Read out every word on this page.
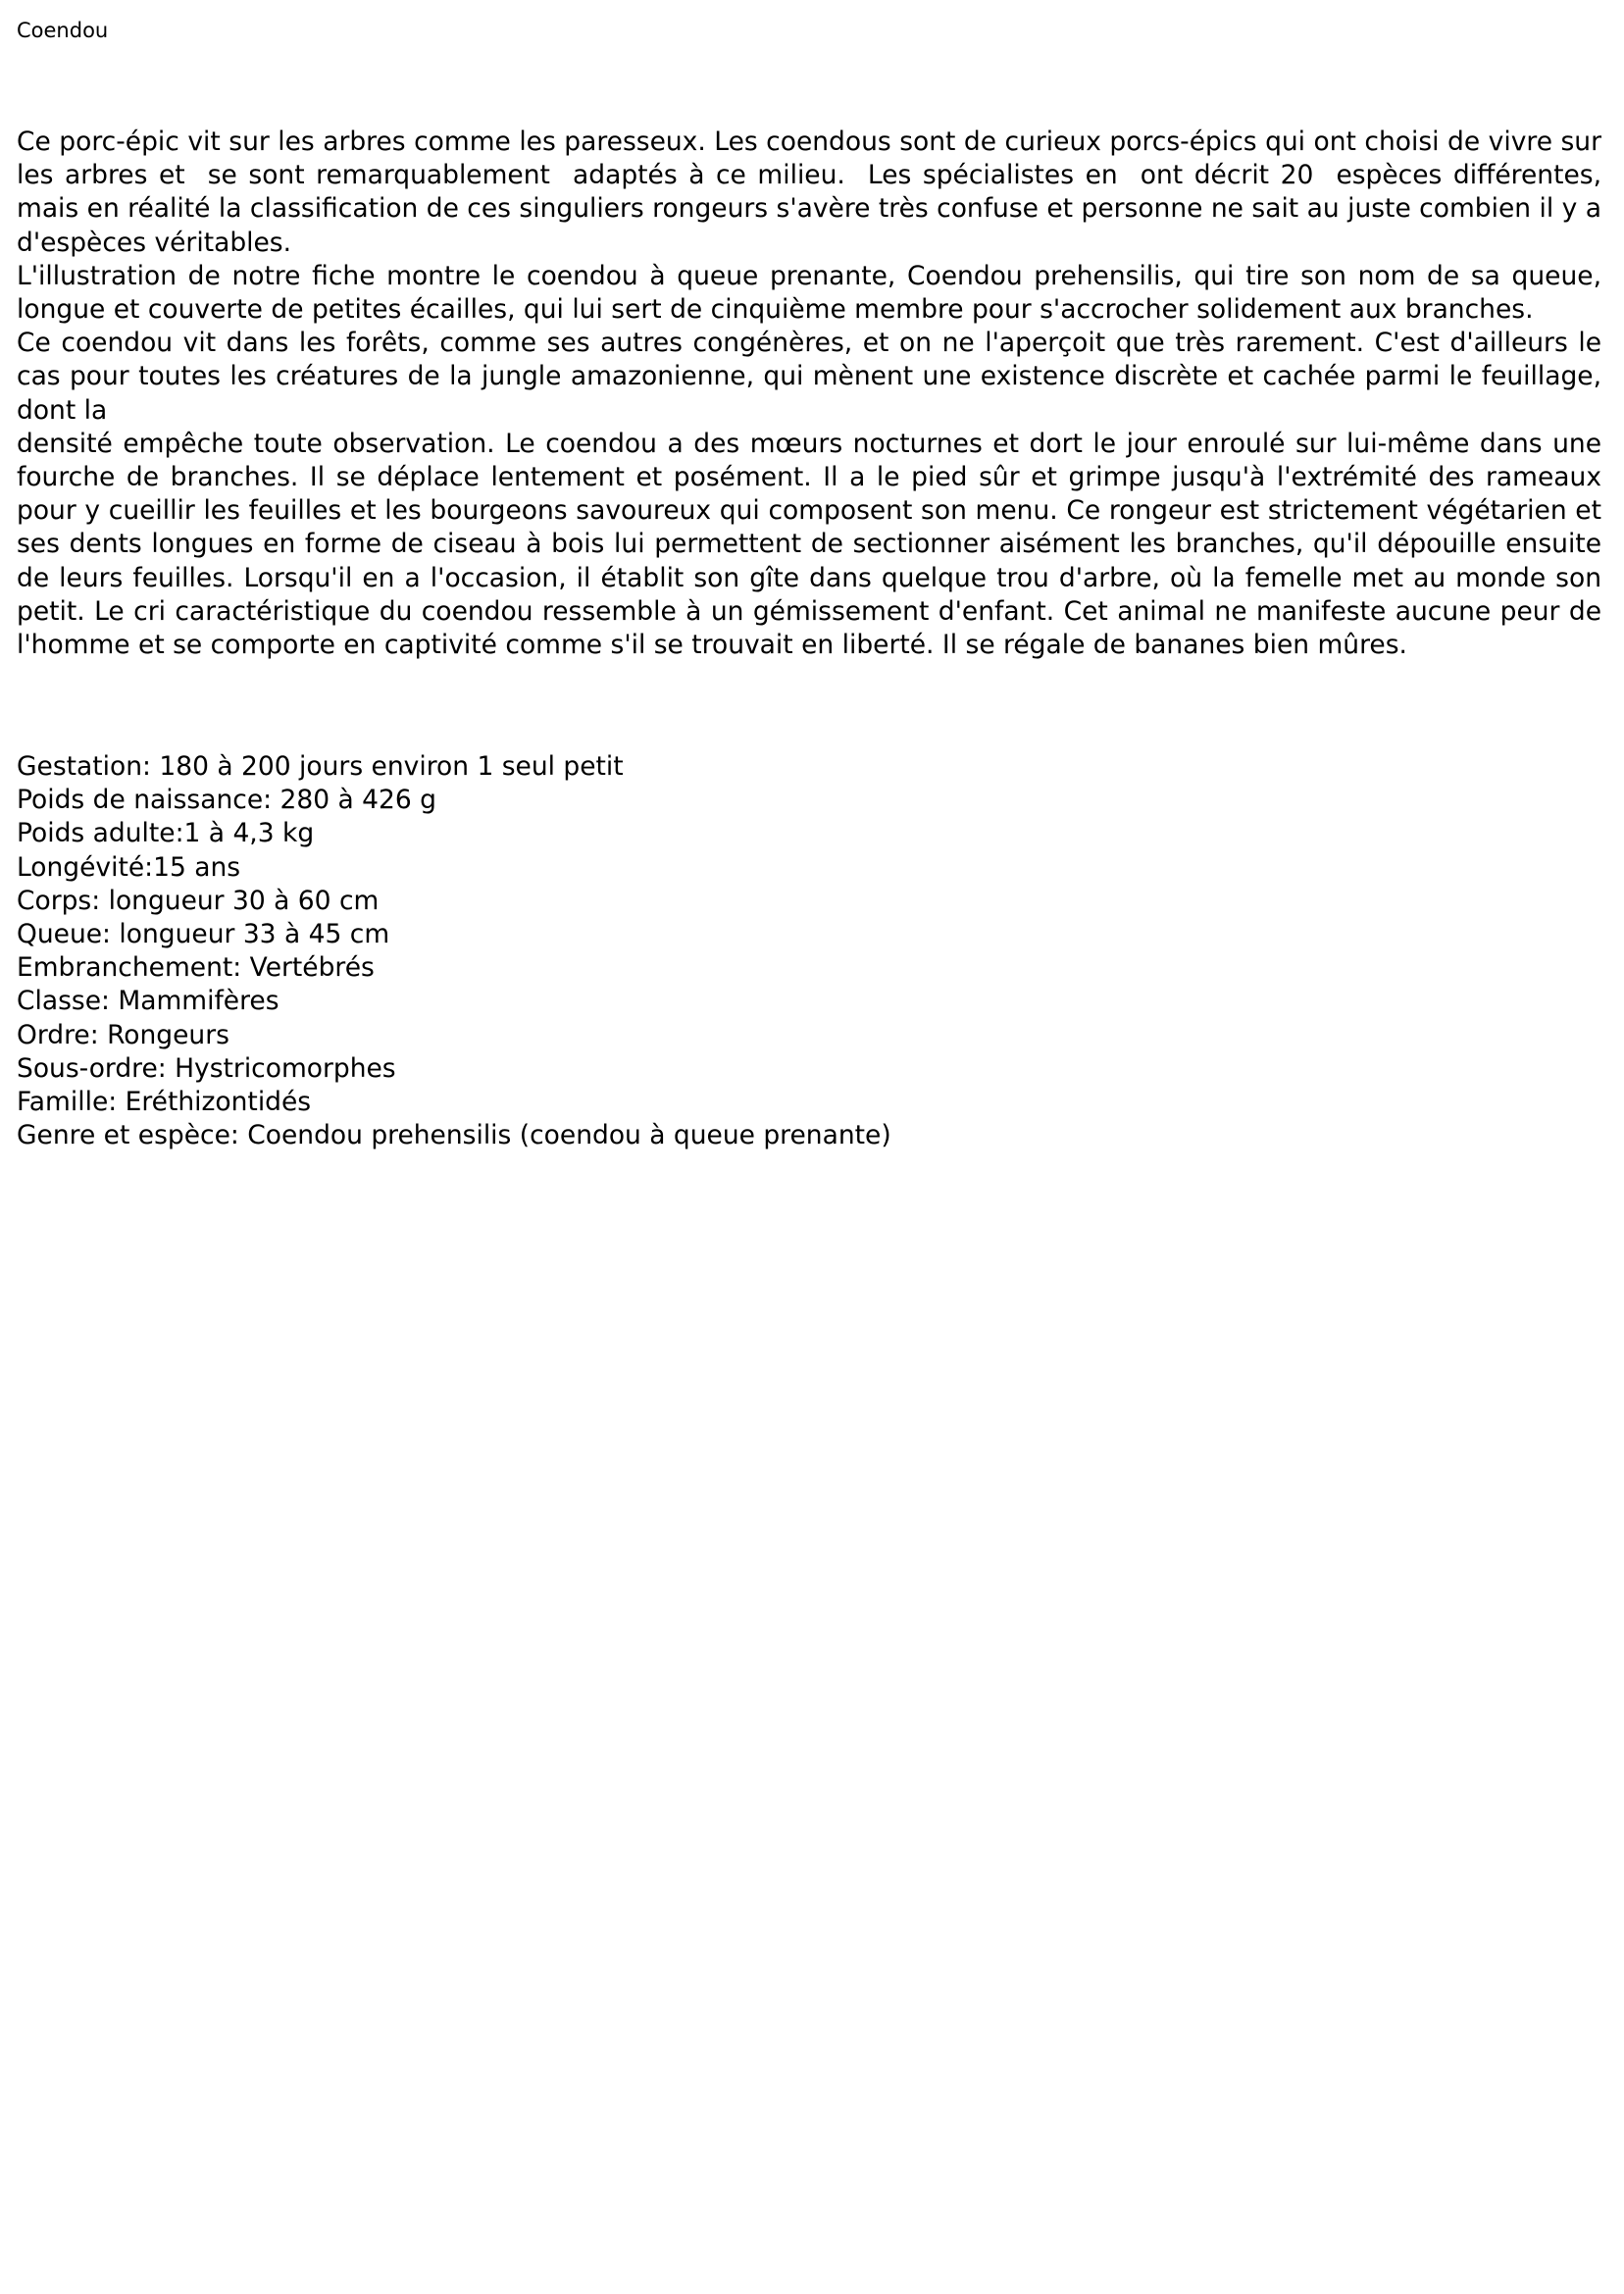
Coendou

Ce porc-épic vit sur les arbres comme les paresseux. Les coendous sont de curieux porcs-épics qui ont choisi de vivre sur  les arbres et  se sont remarquablement  adaptés à ce milieu.  Les spécialistes en  ont décrit 20  espèces différentes, mais en réalité la classification de ces singuliers rongeurs s'avère très confuse et personne ne sait au juste combien il y a d'espèces véritables.

L'illustration de notre fiche montre le coendou à queue prenante, Coendou prehensilis, qui tire son nom de sa queue, longue et couverte de petites écailles, qui lui sert de cinquième membre pour s'accrocher solidement aux branches.

Ce coendou vit dans les forêts, comme ses autres congénères, et on ne l'aperçoit que très rarement. C'est d'ailleurs le cas pour toutes les créatures de la jungle amazonienne, qui mènent une existence discrète et cachée parmi le feuillage, dont la

densité empêche toute observation. Le coendou a des mœurs nocturnes et dort le jour enroulé sur lui-même dans une fourche de branches. Il se déplace lentement et posément. Il a le pied sûr et grimpe jusqu'à l'extrémité des rameaux pour y cueillir les feuilles et les bourgeons savoureux qui composent son menu. Ce rongeur est strictement végétarien et ses dents longues en forme de ciseau à bois lui permettent de sectionner aisément les branches, qu'il dépouille ensuite de leurs feuilles. Lorsqu'il en a l'occasion, il établit son gîte dans quelque trou d'arbre, où la femelle met au monde son petit. Le cri caractéristique du coendou ressemble à un gémissement d'enfant. Cet animal ne manifeste aucune peur de l'homme et se comporte en captivité comme s'il se trouvait en liberté. Il se régale de bananes bien mûres.

Gestation: 180 à 200 jours environ 1 seul petit
Poids de naissance: 280 à 426 g
Poids adulte:1 à 4,3 kg
Longévité:15 ans
Corps: longueur 30 à 60 cm
Queue: longueur 33 à 45 cm
Embranchement: Vertébrés
Classe: Mammifères
Ordre: Rongeurs
Sous-ordre: Hystricomorphes
Famille: Eréthizontidés
Genre et espèce: Coendou prehensilis (coendou à queue prenante)
